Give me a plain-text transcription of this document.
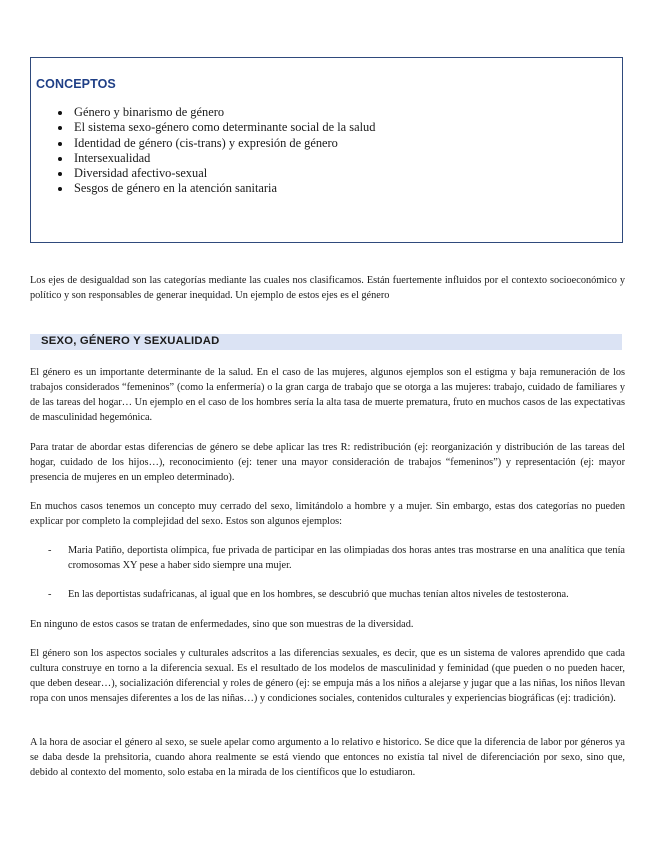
CONCEPTOS
Género y binarismo de género
El sistema sexo-género como determinante social de la salud
Identidad de género (cis-trans) y expresión de género
Intersexualidad
Diversidad afectivo-sexual
Sesgos de género en la atención sanitaria

Los ejes de desigualdad son las categorías mediante las cuales nos clasificamos. Están fuertemente influidos por el contexto socioeconómico y político y son responsables de generar inequidad. Un ejemplo de estos ejes es el género

SEXO, GÉNERO Y SEXUALIDAD

El género es un importante determinante de la salud. En el caso de las mujeres, algunos ejemplos son el estigma y baja remuneración de los trabajos considerados “femeninos” (como la enfermería) o la gran carga de trabajo que se otorga a las mujeres: trabajo, cuidado de familiares y de las tareas del hogar… Un ejemplo en el caso de los hombres sería la alta tasa de muerte prematura, fruto en muchos casos de las expectativas de masculinidad hegemónica.

Para tratar de abordar estas diferencias de género se debe aplicar las tres R: redistribución (ej: reorganización y distribución de las tareas del hogar, cuidado de los hijos…), reconocimiento (ej: tener una mayor consideración de trabajos “femeninos”) y representación (ej: mayor presencia de mujeres en un empleo determinado).

En muchos casos tenemos un concepto muy cerrado del sexo, limitándolo a hombre y a mujer. Sin embargo, estas dos categorías no pueden explicar por completo la complejidad del sexo. Estos son algunos ejemplos:

- Maria Patiño, deportista olímpica, fue privada de participar en las olimpiadas dos horas antes tras mostrarse en una analítica que tenía cromosomas XY pese a haber sido siempre una mujer.
- En las deportistas sudafricanas, al igual que en los hombres, se descubrió que muchas tenían altos niveles de testosterona.

En ninguno de estos casos se tratan de enfermedades, sino que son muestras de la diversidad.

El género son los aspectos sociales y culturales adscritos a las diferencias sexuales, es decir, que es un sistema de valores aprendido que cada cultura construye en torno a la diferencia sexual. Es el resultado de los modelos de masculinidad y feminidad (que pueden o no pueden hacer, que deben desear…), socialización diferencial y roles de género (ej: se empuja más a los niños a alejarse y jugar que a las niñas, los niños llevan ropa con unos mensajes diferentes a los de las niñas…) y condiciones sociales, contenidos culturales y experiencias biográficas (ej: tradición).

A la hora de asociar el género al sexo, se suele apelar como argumento a lo relativo e historico. Se dice que la diferencia de labor por géneros ya se daba desde la prehsitoria, cuando ahora realmente se está viendo que entonces no existía tal nivel de diferenciación por sexo, sino que, debido al contexto del momento, solo estaba en la mirada de los científicos que lo estudiaron.
